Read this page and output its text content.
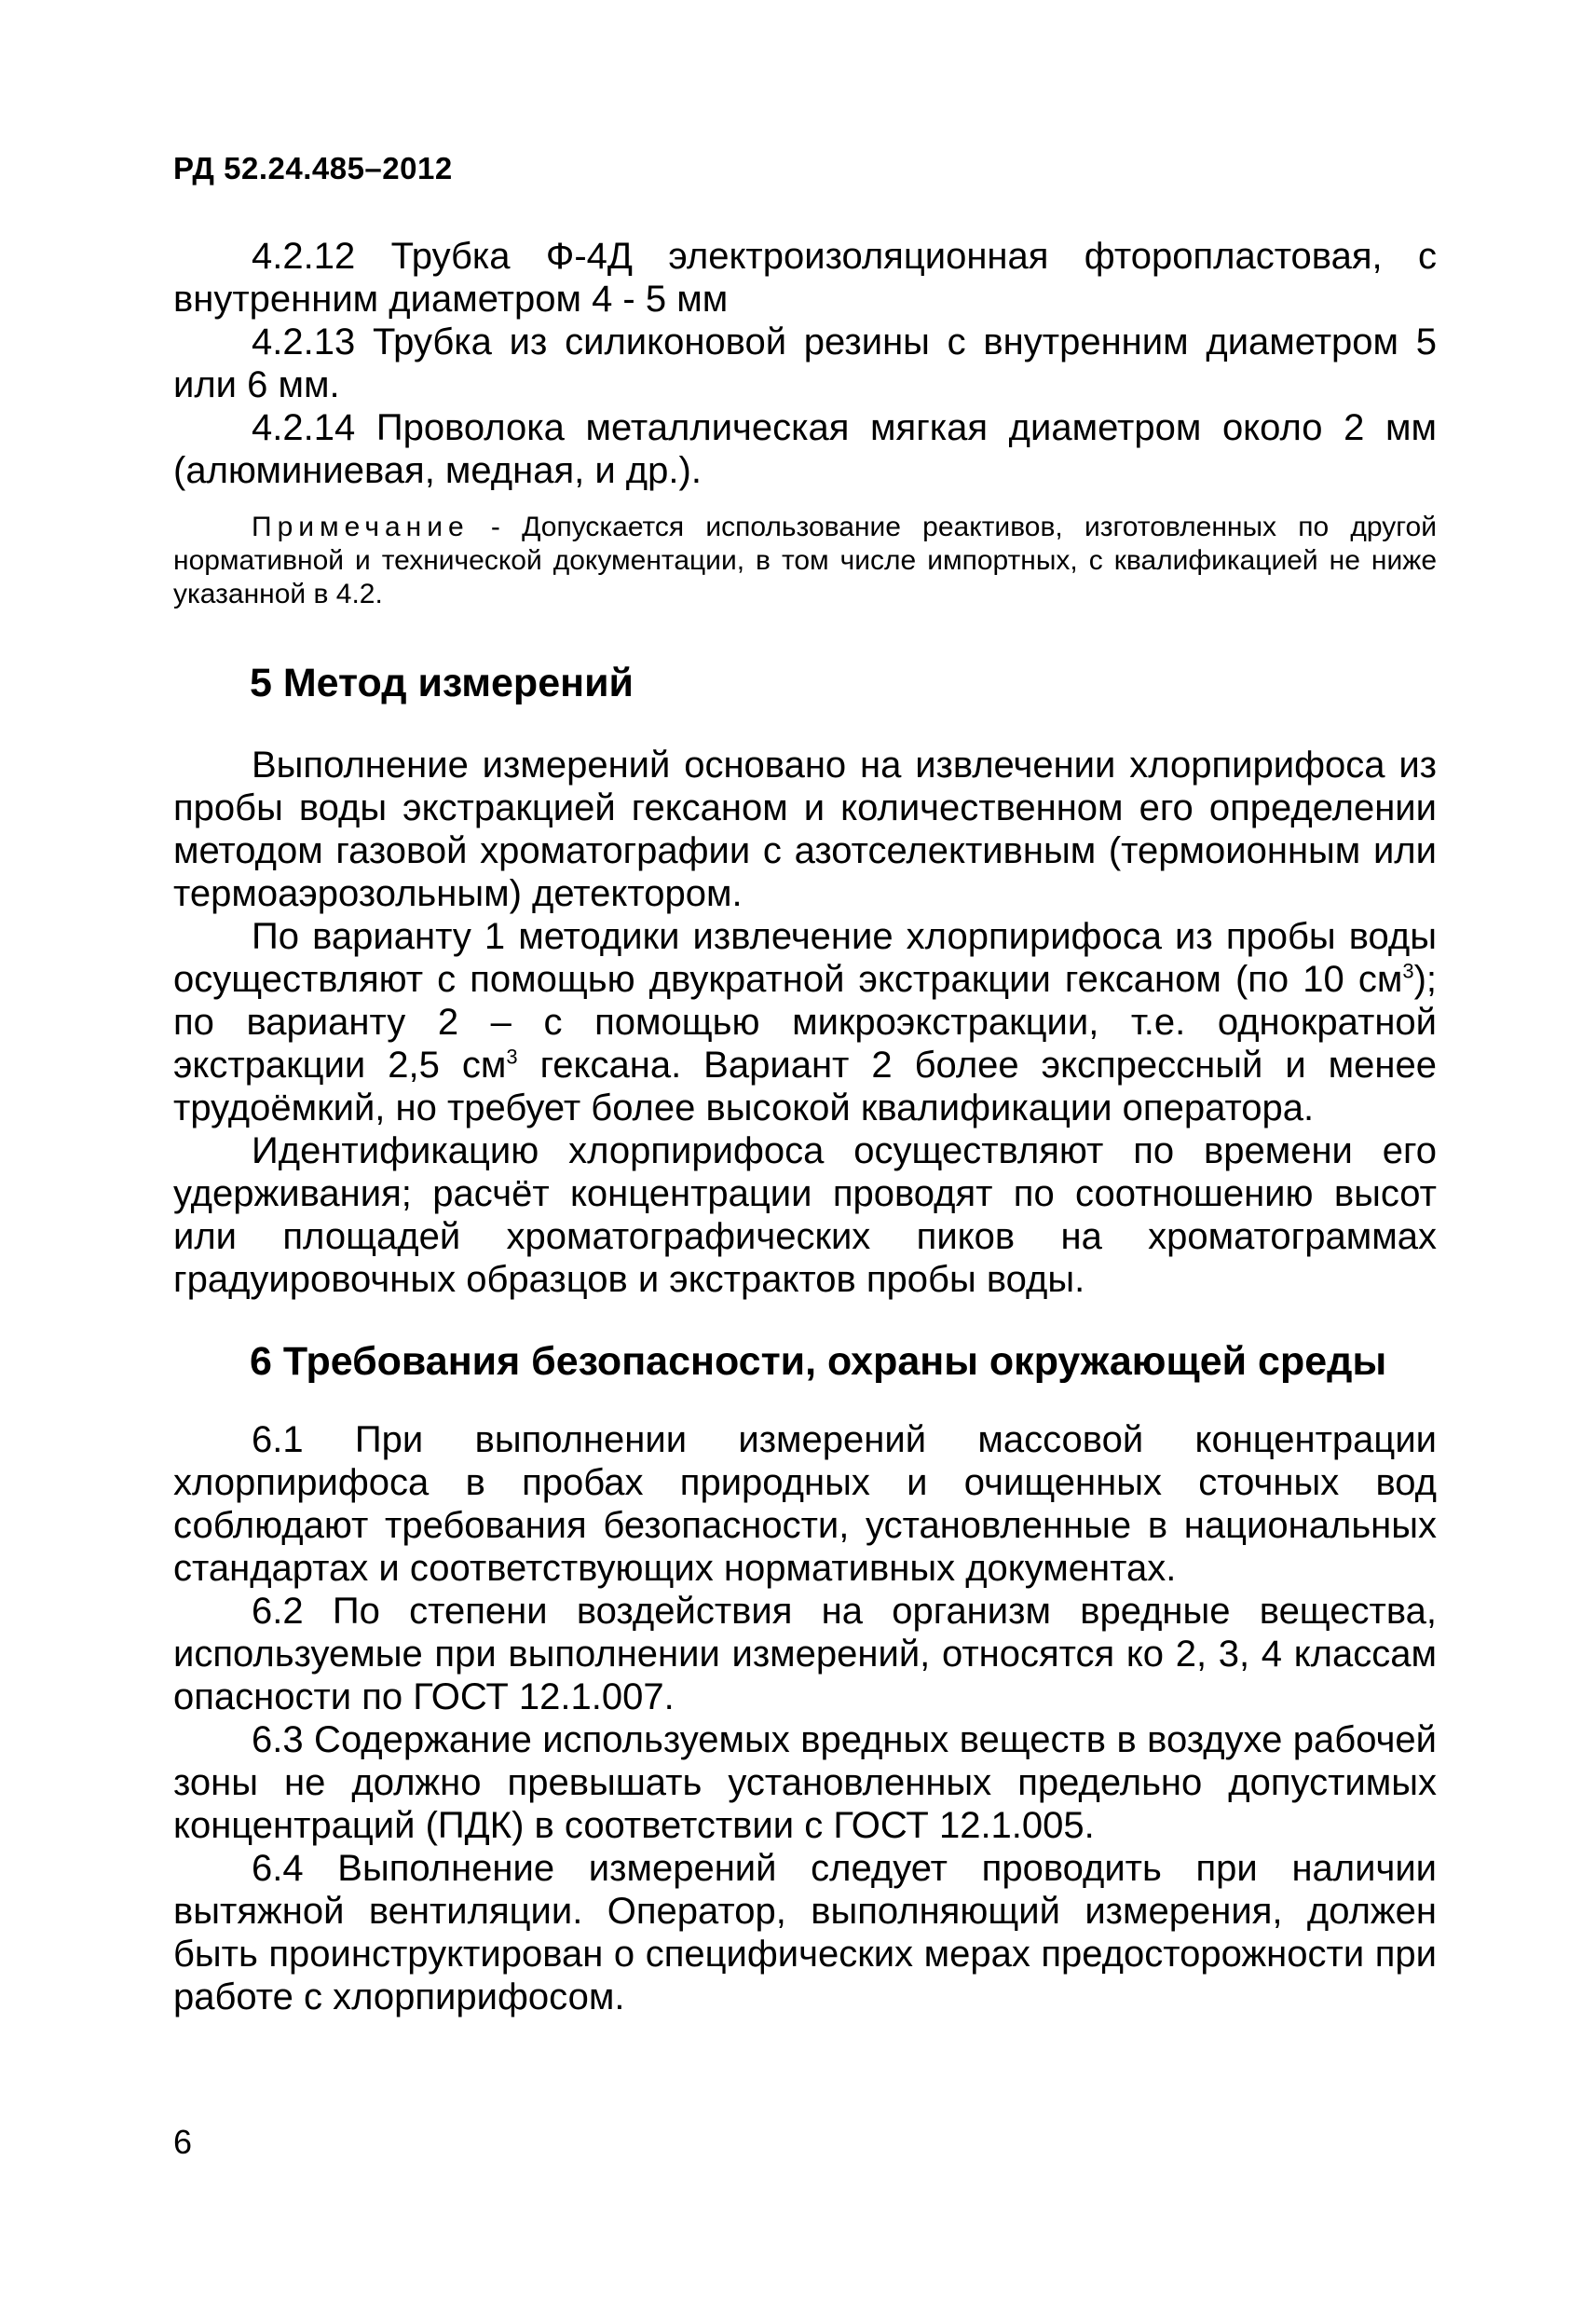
РД 52.24.485–2012

4.2.12 Трубка Ф-4Д электроизоляционная фторопластовая, с внутренним диаметром 4 - 5 мм

4.2.13 Трубка из силиконовой резины с внутренним диаметром 5 или 6 мм.

4.2.14 Проволока металлическая мягкая диаметром около 2 мм (алюминиевая, медная, и др.).

Примечание - Допускается использование реактивов, изготовленных по другой нормативной и технической документации, в том числе импортных, с квалификацией не ниже указанной в 4.2.
5 Метод измерений

Выполнение измерений основано на извлечении хлорпирифоса из пробы воды экстракцией гексаном и количественном его определении методом газовой хроматографии с азотселективным (термоионным или термоаэрозольным) детектором.

По варианту 1 методики извлечение хлорпирифоса из пробы воды осуществляют с помощью двукратной экстракции гексаном (по 10 $см^3$); по варианту 2 – с помощью микроэкстракции, т.е. однократной экстракции 2,5 $см^3$ гексана. Вариант 2 более экспрессный и менее трудоёмкий, но требует более высокой квалификации оператора.

Идентификацию хлорпирифоса осуществляют по времени его удерживания; расчёт концентрации проводят по соотношению высот или площадей хроматографических пиков на хроматограммах градуировочных образцов и экстрактов пробы воды.

6 Требования безопасности, охраны окружающей среды

6.1 При выполнении измерений массовой концентрации хлорпирифоса в пробах природных и очищенных сточных вод соблюдают требования безопасности, установленные в национальных стандартах и соответствующих нормативных документах.

6.2 По степени воздействия на организм вредные вещества, используемые при выполнении измерений, относятся ко 2, 3, 4 классам опасности по ГОСТ 12.1.007.

6.3 Содержание используемых вредных веществ в воздухе рабочей зоны не должно превышать установленных предельно допустимых концентраций (ПДК) в соответствии с ГОСТ 12.1.005.

6.4 Выполнение измерений следует проводить при наличии вытяжной вентиляции. Оператор, выполняющий измерения, должен быть проинструктирован о специфических мерах предосторожности при работе с хлорпирифосом.

6
